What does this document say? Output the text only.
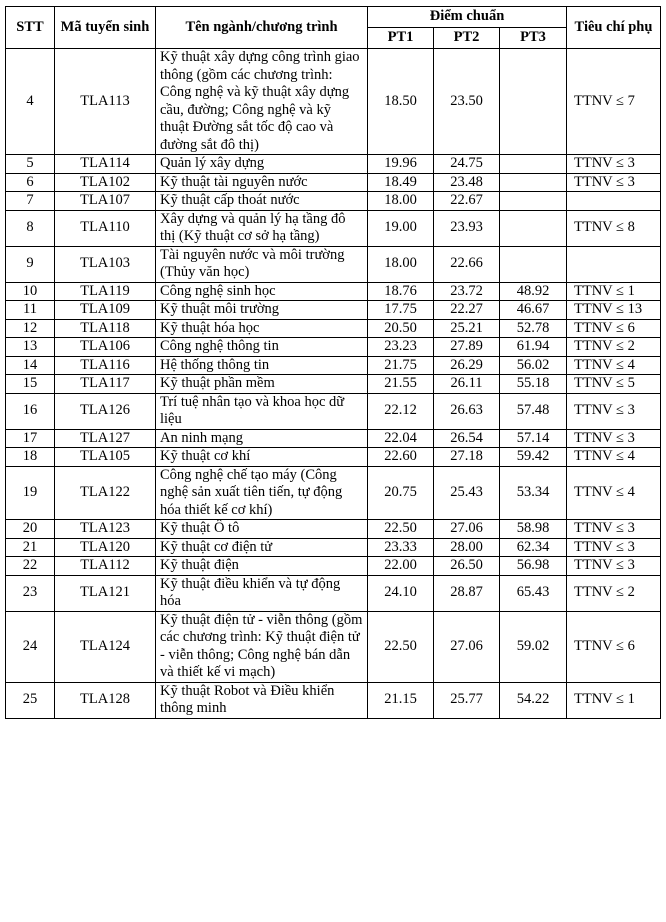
STT	Mã tuyển sinh	Tên ngành/chương trình	Điểm chuẩn			Tiêu chí phụ
			PT1	PT2	PT3	
4	TLA113	Kỹ thuật xây dựng công trình giao thông (gồm các chương trình: Công nghệ và kỹ thuật xây dựng cầu, đường; Công nghệ và kỹ thuật Đường sắt tốc độ cao và đường sắt đô thị)	18.50	23.50		TTNV ≤ 7
5	TLA114	Quản lý xây dựng	19.96	24.75		TTNV ≤ 3
6	TLA102	Kỹ thuật tài nguyên nước	18.49	23.48		TTNV ≤ 3
7	TLA107	Kỹ thuật cấp thoát nước	18.00	22.67		
8	TLA110	Xây dựng và quản lý hạ tầng đô thị (Kỹ thuật cơ sở hạ tầng)	19.00	23.93		TTNV ≤ 8
9	TLA103	Tài nguyên nước và môi trường (Thủy văn học)	18.00	22.66		
10	TLA119	Công nghệ sinh học	18.76	23.72	48.92	TTNV ≤ 1
11	TLA109	Kỹ thuật môi trường	17.75	22.27	46.67	TTNV ≤ 13
12	TLA118	Kỹ thuật hóa học	20.50	25.21	52.78	TTNV ≤ 6
13	TLA106	Công nghệ thông tin	23.23	27.89	61.94	TTNV ≤ 2
14	TLA116	Hệ thống thông tin	21.75	26.29	56.02	TTNV ≤ 4
15	TLA117	Kỹ thuật phần mềm	21.55	26.11	55.18	TTNV ≤ 5
16	TLA126	Trí tuệ nhân tạo và khoa học dữ liệu	22.12	26.63	57.48	TTNV ≤ 3
17	TLA127	An ninh mạng	22.04	26.54	57.14	TTNV ≤ 3
18	TLA105	Kỹ thuật cơ khí	22.60	27.18	59.42	TTNV ≤ 4
19	TLA122	Công nghệ chế tạo máy (Công nghệ sản xuất tiên tiến, tự động hóa thiết kế cơ khí)	20.75	25.43	53.34	TTNV ≤ 4
20	TLA123	Kỹ thuật Ô tô	22.50	27.06	58.98	TTNV ≤ 3
21	TLA120	Kỹ thuật cơ điện tử	23.33	28.00	62.34	TTNV ≤ 3
22	TLA112	Kỹ thuật điện	22.00	26.50	56.98	TTNV ≤ 3
23	TLA121	Kỹ thuật điều khiển và tự động hóa	24.10	28.87	65.43	TTNV ≤ 2
24	TLA124	Kỹ thuật điện tử - viễn thông (gồm các chương trình: Kỹ thuật điện tử - viễn thông; Công nghệ bán dẫn và thiết kế vi mạch)	22.50	27.06	59.02	TTNV ≤ 6
25	TLA128	Kỹ thuật Robot và Điều khiển thông minh	21.15	25.77	54.22	TTNV ≤ 1
